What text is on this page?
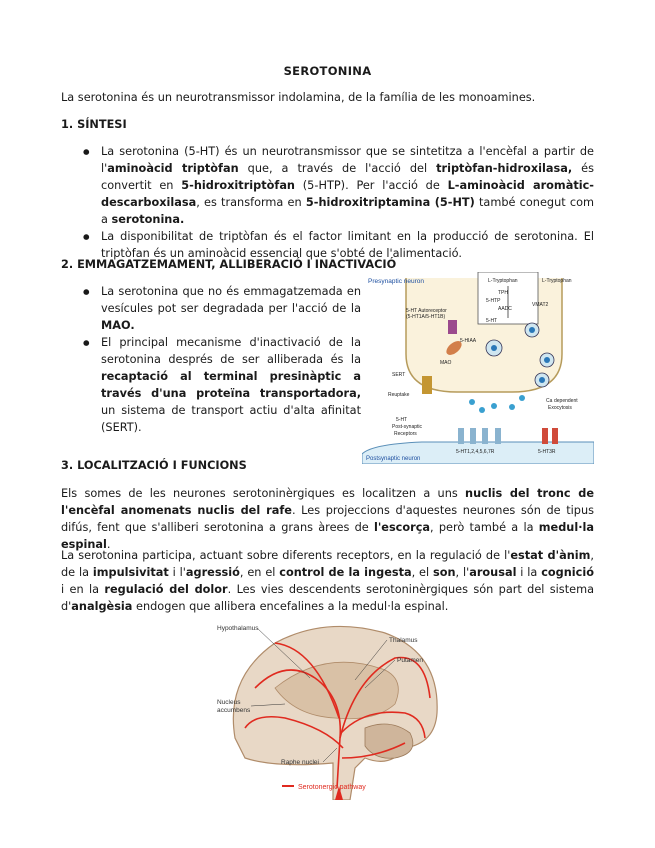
SEROTONINA
La serotonina és un neurotransmissor indolamina, de la família de les monoamines.
1. SÍNTESI
● La serotonina (5-HT) és un neurotransmissor que se sintetitza a l'encèfal a partir de l'aminoàcid triptòfan que, a través de l'acció del triptòfan-hidroxilasa, és convertit en 5-hidroxitriptòfan (5-HTP). Per l'acció de L-aminoàcid aromàtic-descarboxilasa, es transforma en 5-hidroxitriptamina (5-HT) també conegut com a serotonina.
● La disponibilitat de triptòfan és el factor limitant en la producció de serotonina. El triptòfan és un aminoàcid essencial que s'obté de l'alimentació.
2. EMMAGATZEMAMENT, ALLIBERACIÓ I INACTIVACIÓ
● La serotonina que no és emmagatzemada en vesícules pot ser degradada per l'acció de la MAO.
● El principal mecanisme d'inactivació de la serotonina després de ser alliberada és la recaptació al terminal presinàptic a través d'una proteïna transportadora, un sistema de transport actiu d'alta afinitat (SERT).
Presynaptic neuron	L-Tryptophan	L-Tryptophan
TPH
5-HTP
AADC
5-HT
5-HT Autoreceptor
(5-HT1A/5-HT1B)
MAO
5-HIAA
VMAT2
SERT
Reuptake
Ca dependent
Exocytosis
5-HT
Post-synaptic
Receptors
Postsynaptic neuron
5-HT1,2,4,5,6,7R	5-HT3R
3. LOCALITZACIÓ I FUNCIONS
Els somes de les neurones serotoninèrgiques es localitzen a uns nuclis del tronc de l'encèfal anomenats nuclis del rafe. Les projeccions d'aquestes neurones són de tipus difús, fent que s'alliberi serotonina a grans àrees de l'escorça, però també a la medul·la espinal.
La serotonina participa, actuant sobre diferents receptors, en la regulació de l'estat d'ànim, de la impulsivitat i l'agressió, en el control de la ingesta, el son, l'arousal i la cognició i en la regulació del dolor. Les vies descendents serotoninèrgiques són part del sistema d'analgèsia endogen que allibera encefalines a la medul·la espinal.
Hypothalamus
Thalamus
Putamen
Nucleus
accumbens
Raphe nuclei
Serotonergic pathway
